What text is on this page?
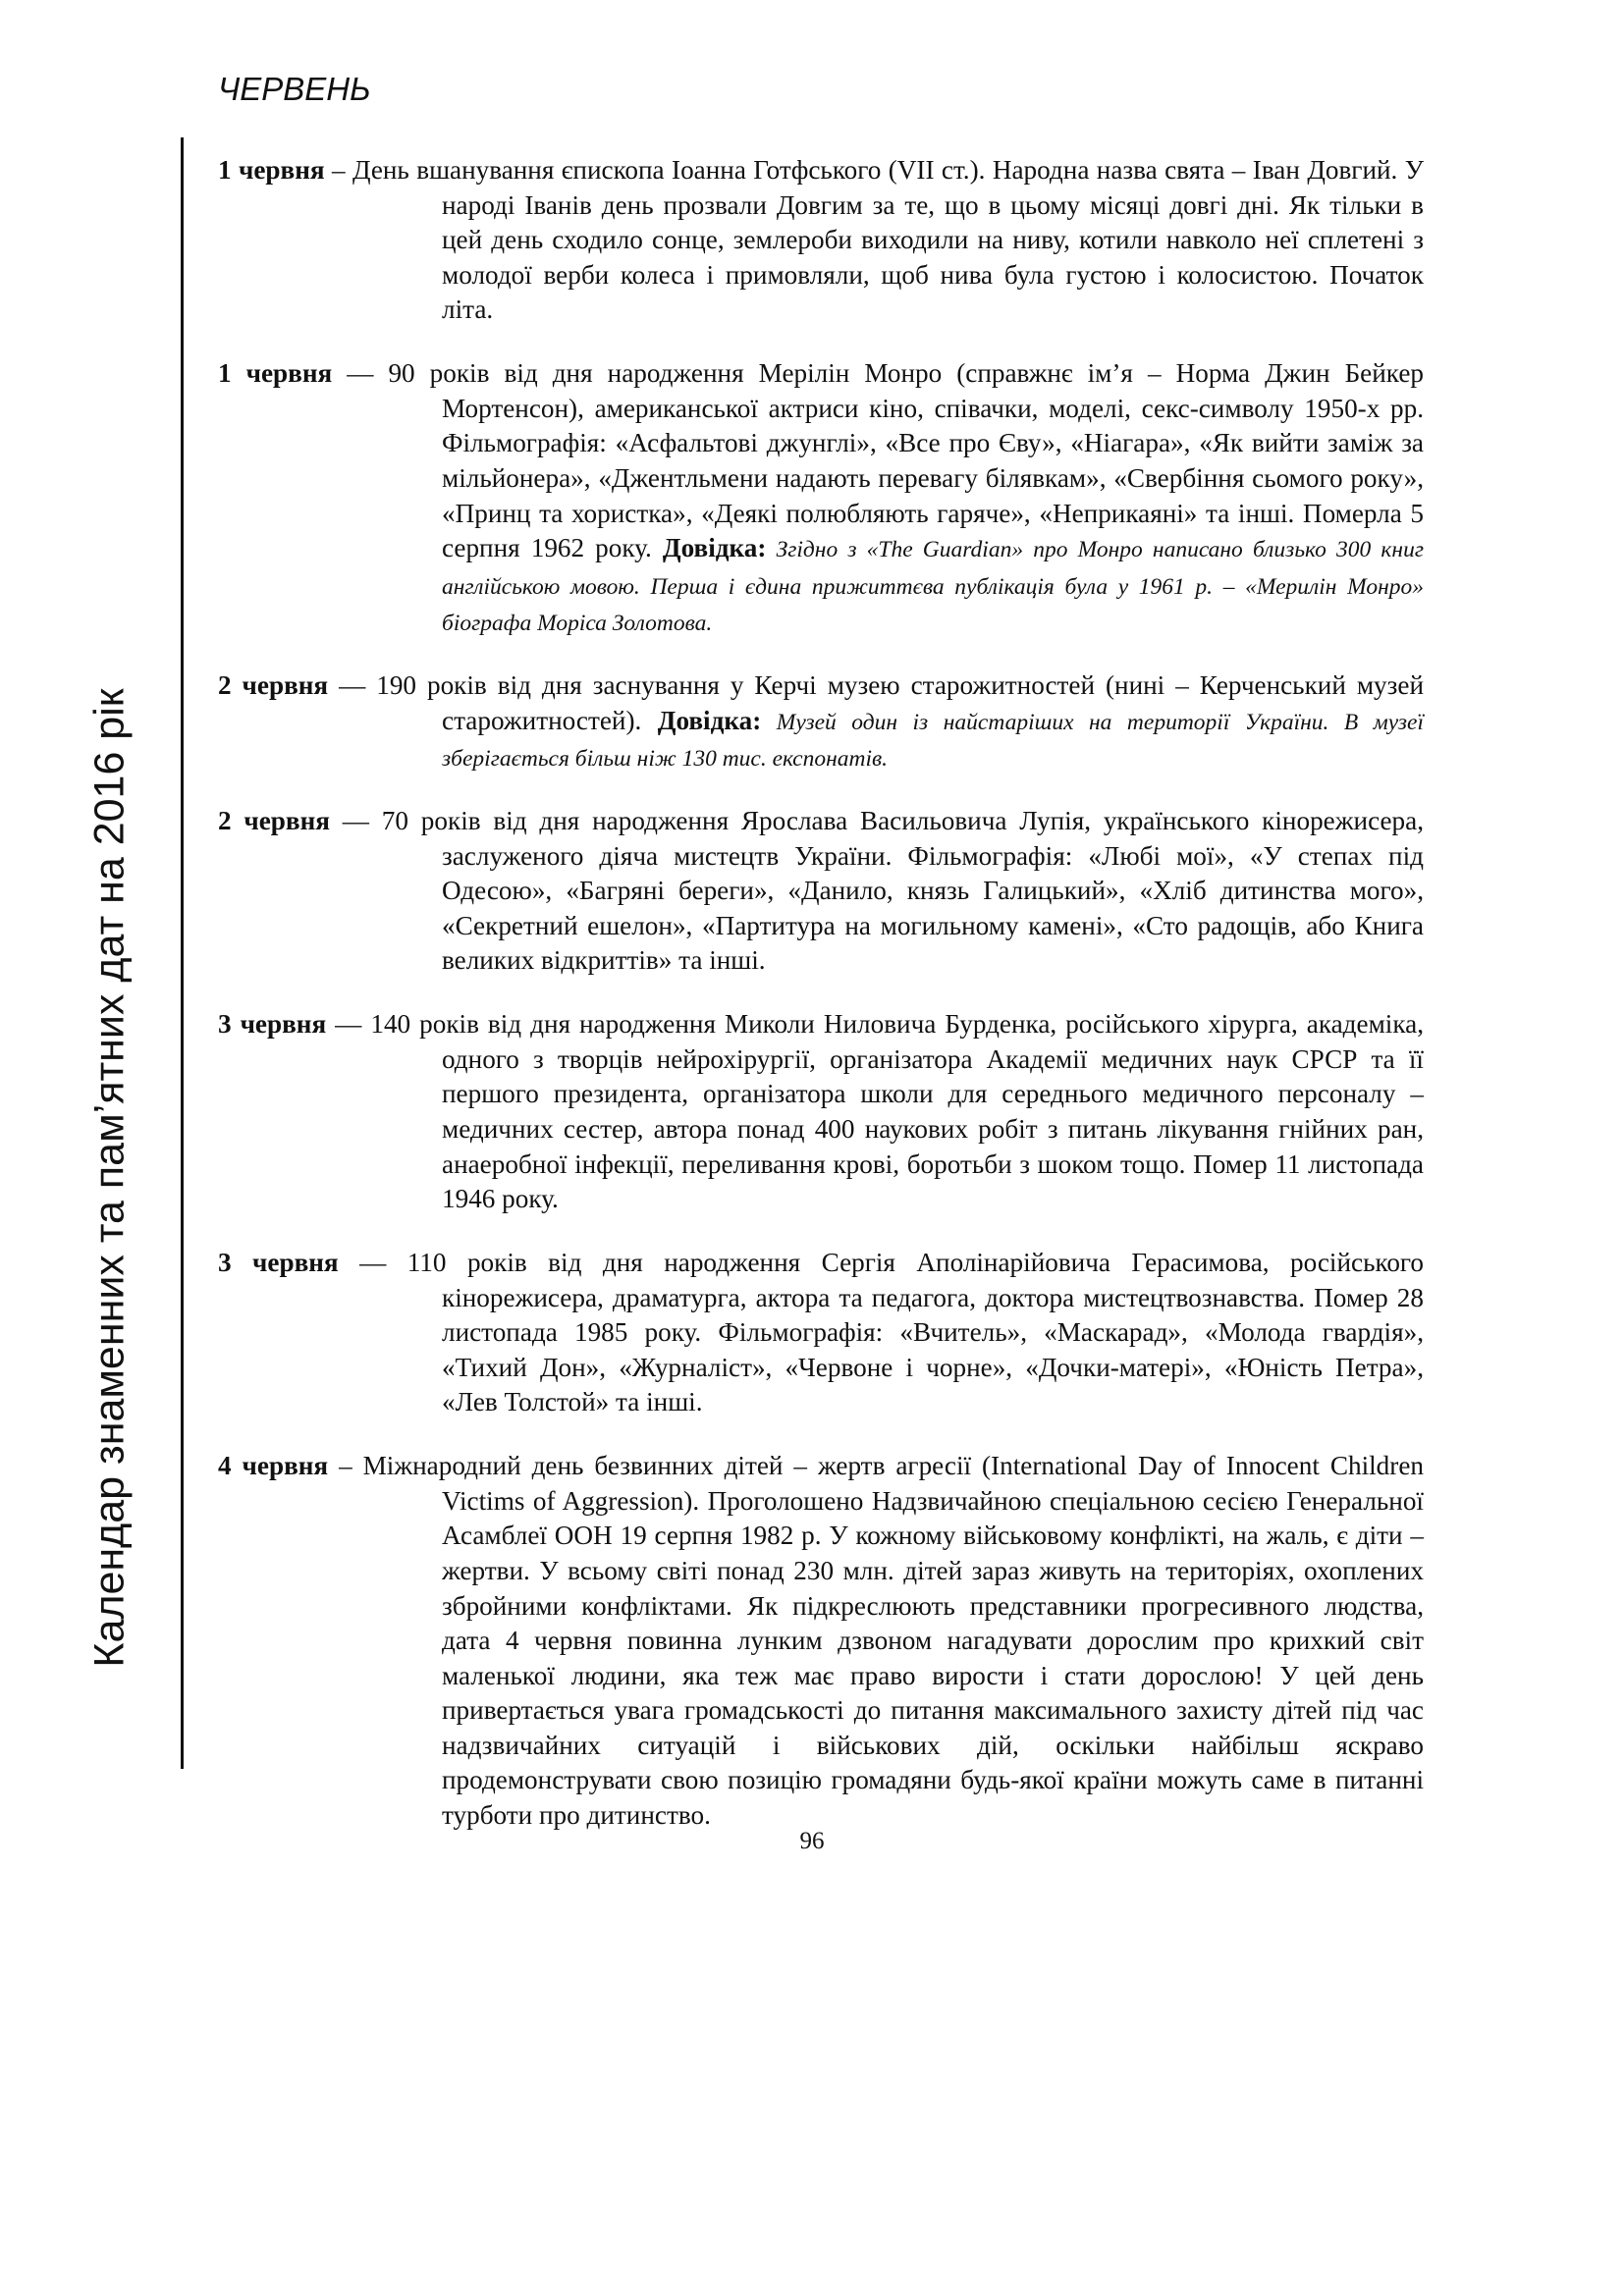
ЧЕРВЕНЬ
Календар знаменних та пам’ятних дат на 2016 рік

1 червня – День вшанування єпископа Іоанна Готфського (VII ст.). Народна назва свята – Іван Довгий. У народі Іванів день прозвали Довгим за те, що в цьому місяці довгі дні. Як тільки в цей день сходило сонце, землероби виходили на ниву, котили навколо неї сплетені з молодої верби колеса і примовляли, щоб нива була густою і колосистою. Початок літа.

1 червня — 90 років від дня народження Мерілін Монро (справжнє ім’я – Норма Джин Бейкер Мортенсон), американської актриси кіно, співачки, моделі, секс-символу 1950-х рр. Фільмографія: «Асфальтові джунглі», «Все про Єву», «Ніагара», «Як вийти заміж за мільйонера», «Джентльмени надають перевагу білявкам», «Свербіння сьомого року», «Принц та хористка», «Деякі полюбляють гаряче», «Неприкаяні» та інші. Померла 5 серпня 1962 року. Довідка: Згідно з «The Guardian» про Монро написано близько 300 книг англійською мовою. Перша і єдина прижиттєва публікація була у 1961 р. – «Мерилін Монро» біографа Моріса Золотова.

2 червня — 190 років від дня заснування у Керчі музею старожитностей (нині – Керченський музей старожитностей). Довідка: Музей один із найстаріших на території України. В музеї зберігається більш ніж 130 тис. експонатів.

2 червня — 70 років від дня народження Ярослава Васильовича Лупія, українського кінорежисера, заслуженого діяча мистецтв України. Фільмографія: «Любі мої», «У степах під Одесою», «Багряні береги», «Данило, князь Галицький», «Хліб дитинства мого», «Секретний ешелон», «Партитура на могильному камені», «Сто радощів, або Книга великих відкриттів» та інші.

3 червня — 140 років від дня народження Миколи Ниловича Бурденка, російського хірурга, академіка, одного з творців нейрохірургії, організатора Академії медичних наук СРСР та її першого президента, організатора школи для середнього медичного персоналу – медичних сестер, автора понад 400 наукових робіт з питань лікування гнійних ран, анаеробної інфекції, переливання крові, боротьби з шоком тощо. Помер 11 листопада 1946 року.

3 червня — 110 років від дня народження Сергія Аполінарійовича Герасимова, російського кінорежисера, драматурга, актора та педагога, доктора мистецтвознавства. Помер 28 листопада 1985 року. Фільмографія: «Вчитель», «Маскарад», «Молода гвардія», «Тихий Дон», «Журналіст», «Червоне і чорне», «Дочки-матері», «Юність Петра», «Лев Толстой» та інші.

4 червня – Міжнародний день безвинних дітей – жертв агресії (International Day of Innocent Children Victims of Aggression). Проголошено Надзвичайною спеціальною сесією Генеральної Асамблеї ООН 19 серпня 1982 р. У кожному військовому конфлікті, на жаль, є діти – жертви. У всьому світі понад 230 млн. дітей зараз живуть на територіях, охоплених збройними конфліктами. Як підкреслюють представники прогресивного людства, дата 4 червня повинна лунким дзвоном нагадувати дорослим про крихкий світ маленької людини, яка теж має право вирости і стати дорослою! У цей день привертається увага громадськості до питання максимального захисту дітей під час надзвичайних ситуацій і військових дій, оскільки найбільш яскраво продемонструвати свою позицію громадяни будь-якої країни можуть саме в питанні турботи про дитинство.

96
